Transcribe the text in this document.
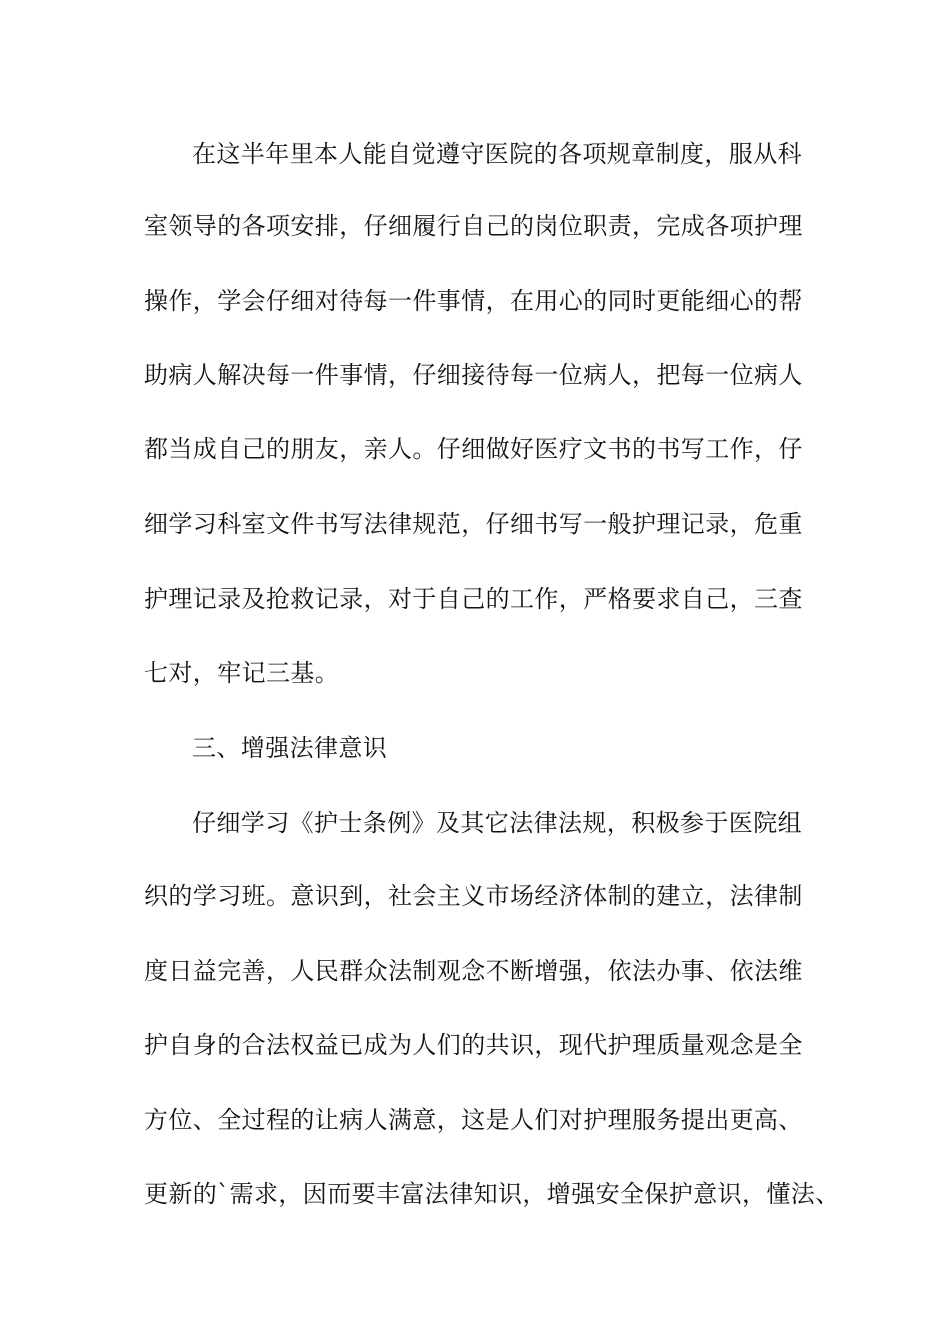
在这半年里本人能自觉遵守医院的各项规章制度，服从科
室领导的各项安排，仔细履行自己的岗位职责，完成各项护理
操作，学会仔细对待每一件事情，在用心的同时更能细心的帮
助病人解决每一件事情，仔细接待每一位病人，把每一位病人
都当成自己的朋友，亲人。仔细做好医疗文书的书写工作，仔
细学习科室文件书写法律规范，仔细书写一般护理记录，危重
护理记录及抢救记录，对于自己的工作，严格要求自己，三查
七对，牢记三基。
三、增强法律意识
仔细学习《护士条例》及其它法律法规，积极参于医院组
织的学习班。意识到，社会主义市场经济体制的建立，法律制
度日益完善，人民群众法制观念不断增强，依法办事、依法维
护自身的合法权益已成为人们的共识，现代护理质量观念是全
方位、全过程的让病人满意，这是人们对护理服务提出更高、
更新的`需求，因而要丰富法律知识，增强安全保护意识，懂法、
